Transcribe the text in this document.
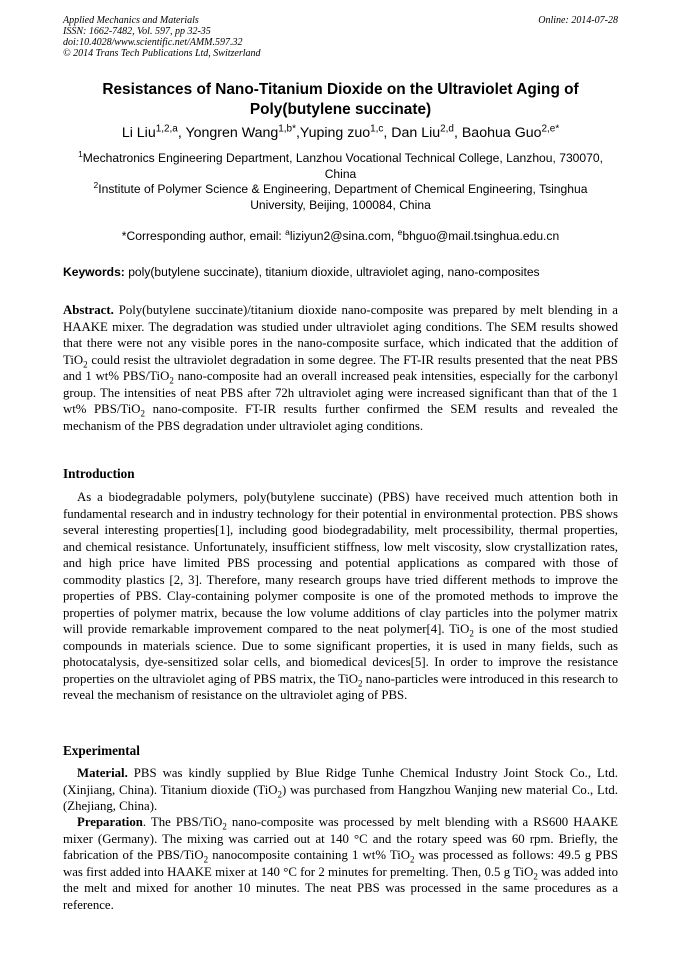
Applied Mechanics and Materials
ISSN: 1662-7482, Vol. 597, pp 32-35
doi:10.4028/www.scientific.net/AMM.597.32
© 2014 Trans Tech Publications Ltd, Switzerland
Online: 2014-07-28
Resistances of Nano-Titanium Dioxide on the Ultraviolet Aging of
Poly(butylene succinate)
Li Liu$^{1,2,a}$, Yongren Wang$^{1,b*}$,Yuping zuo$^{1,c}$, Dan Liu$^{2,d}$, Baohua Guo$^{2,e*}$
$^1$Mechatronics Engineering Department, Lanzhou Vocational Technical College, Lanzhou, 730070,
China
$^2$Institute of Polymer Science & Engineering, Department of Chemical Engineering, Tsinghua
University, Beijing, 100084, China
*Corresponding author, email: $^a$liziyun2@sina.com, $^e$bhguo@mail.tsinghua.edu.cn
Keywords: poly(butylene succinate), titanium dioxide, ultraviolet aging, nano-composites
Abstract. Poly(butylene succinate)/titanium dioxide nano-composite was prepared by melt blending in a HAAKE mixer. The degradation was studied under ultraviolet aging conditions. The SEM results showed that there were not any visible pores in the nano-composite surface, which indicated that the addition of TiO$_2$ could resist the ultraviolet degradation in some degree. The FT-IR results presented that the neat PBS and 1 wt% PBS/TiO$_2$ nano-composite had an overall increased peak intensities, especially for the carbonyl group. The intensities of neat PBS after 72h ultraviolet aging were increased significant than that of the 1 wt% PBS/TiO$_2$ nano-composite. FT-IR results further confirmed the SEM results and revealed the mechanism of the PBS degradation under ultraviolet aging conditions.
Introduction
As a biodegradable polymers, poly(butylene succinate) (PBS) have received much attention both in fundamental research and in industry technology for their potential in environmental protection. PBS shows several interesting properties[1], including good biodegradability, melt processibility, thermal properties, and chemical resistance. Unfortunately, insufficient stiffness, low melt viscosity, slow crystallization rates, and high price have limited PBS processing and potential applications as compared with those of commodity plastics [2, 3]. Therefore, many research groups have tried different methods to improve the properties of PBS. Clay-containing polymer composite is one of the promoted methods to improve the properties of polymer matrix, because the low volume additions of clay particles into the polymer matrix will provide remarkable improvement compared to the neat polymer[4]. TiO$_2$ is one of the most studied compounds in materials science. Due to some significant properties, it is used in many fields, such as photocatalysis, dye-sensitized solar cells, and biomedical devices[5]. In order to improve the resistance properties on the ultraviolet aging of PBS matrix, the TiO$_2$ nano-particles were introduced in this research to reveal the mechanism of resistance on the ultraviolet aging of PBS.
Experimental
Material. PBS was kindly supplied by Blue Ridge Tunhe Chemical Industry Joint Stock Co., Ltd. (Xinjiang, China). Titanium dioxide (TiO$_2$) was purchased from Hangzhou Wanjing new material Co., Ltd. (Zhejiang, China).
Preparation. The PBS/TiO$_2$ nano-composite was processed by melt blending with a RS600 HAAKE mixer (Germany). The mixing was carried out at 140 °C and the rotary speed was 60 rpm. Briefly, the fabrication of the PBS/TiO$_2$ nanocomposite containing 1 wt% TiO$_2$ was processed as follows: 49.5 g PBS was first added into HAAKE mixer at 140 °C for 2 minutes for premelting. Then, 0.5 g TiO$_2$ was added into the melt and mixed for another 10 minutes. The neat PBS was processed in the same procedures as a reference.
